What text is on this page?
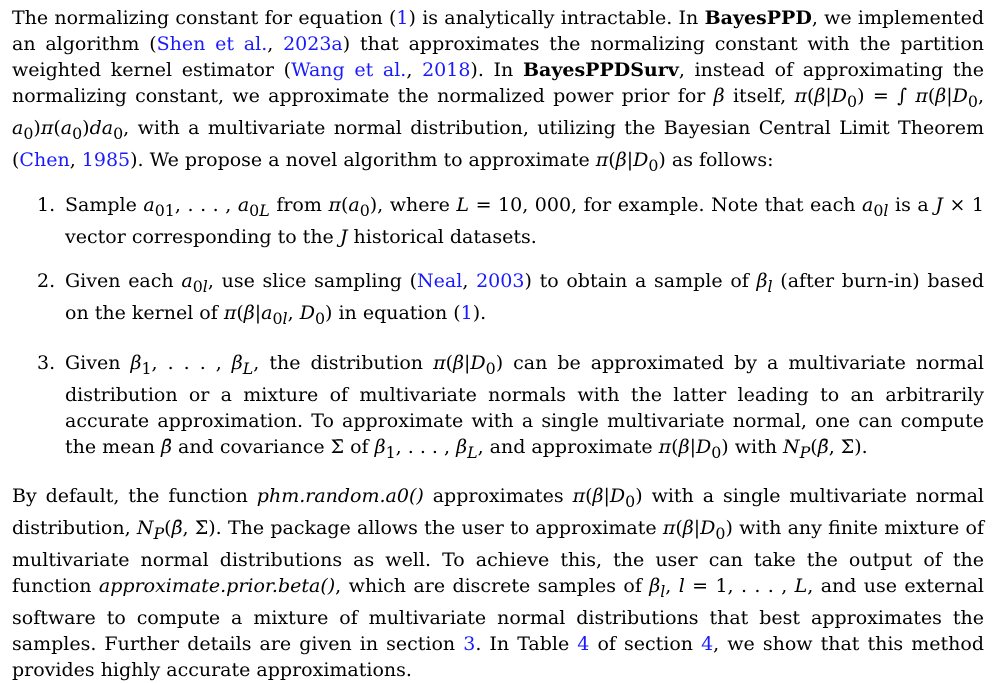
The normalizing constant for equation (1) is analytically intractable. In BayesPPD, we implemented an algorithm (Shen et al., 2023a) that approximates the normalizing constant with the partition weighted kernel estimator (Wang et al., 2018). In BayesPPDSurv, instead of approximating the normalizing constant, we approximate the normalized power prior for β itself, $\pi(\beta|D_0)$ = ∫ $\pi(\beta|D_0$, $a_0)\pi(a_0)da_0$, with a multivariate normal distribution, utilizing the Bayesian Central Limit Theorem (Chen, 1985). We propose a novel algorithm to approximate $\pi(\beta|D_0)$ as follows:

1. Sample $a_{01}$, . . . , $a_{0L}$ from $\pi(a_0)$, where L = 10, 000, for example. Note that each $a_{0l}$ is a J × 1 vector corresponding to the J historical datasets.
2. Given each $a_{0l}$, use slice sampling (Neal, 2003) to obtain a sample of $\beta_l$ (after burn-in) based on the kernel of $\pi(\beta|a_{0l}$, $D_0$) in equation (1).
3. Given $\beta_1$, . . . , $\beta_L$, the distribution $\pi(\beta|D_0)$ can be approximated by a multivariate normal distribution or a mixture of multivariate normals with the latter leading to an arbitrarily accurate approximation. To approximate with a single multivariate normal, one can compute the mean β̄ and covariance Σ̄ of $\beta_1$, . . . , $\beta_L$, and approximate $\pi(\beta|D_0)$ with $N_P(\betā$, Σ̄).

By default, the function phm.random.a0() approximates $\pi(\beta|D_0)$ with a single multivariate normal distribution, $N_P(\betā$, Σ̄). The package allows the user to approximate $\pi(\beta|D_0)$ with any finite mixture of multivariate normal distributions as well. To achieve this, the user can take the output of the function approximate.prior.beta(), which are discrete samples of $\beta_l$, l = 1, . . . , L, and use external software to compute a mixture of multivariate normal distributions that best approximates the samples. Further details are given in section 3. In Table 4 of section 4, we show that this method provides highly accurate approximations.
